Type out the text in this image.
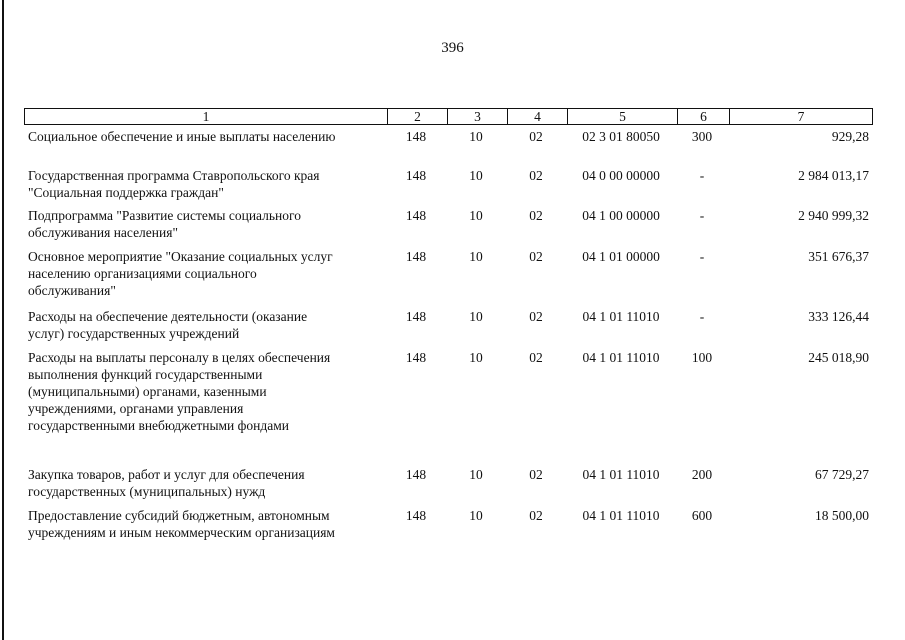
396
1	2	3	4	5	6	7
Социальное обеспечение и иные выплаты населению	148	10	02	02 3 01 80050	300	929,28
Государственная программа Ставропольского края
"Социальная поддержка граждан"
148	10	02	04 0 00 00000	-	2 984 013,17
Подпрограмма "Развитие системы социального
обслуживания населения"
148	10	02	04 1 00 00000	-	2 940 999,32
Основное мероприятие "Оказание социальных услуг
населению организациями социального
обслуживания"
148	10	02	04 1 01 00000	-	351 676,37
Расходы на обеспечение деятельности (оказание
услуг) государственных учреждений
148	10	02	04 1 01 11010	-	333 126,44
Расходы на выплаты персоналу в целях обеспечения
выполнения функций государственными
(муниципальными) органами, казенными
учреждениями, органами управления
государственными внебюджетными фондами
148	10	02	04 1 01 11010	100	245 018,90
Закупка товаров, работ и услуг для обеспечения
государственных (муниципальных) нужд
148	10	02	04 1 01 11010	200	67 729,27
Предоставление субсидий бюджетным, автономным
учреждениям и иным некоммерческим организациям
148	10	02	04 1 01 11010	600	18 500,00
